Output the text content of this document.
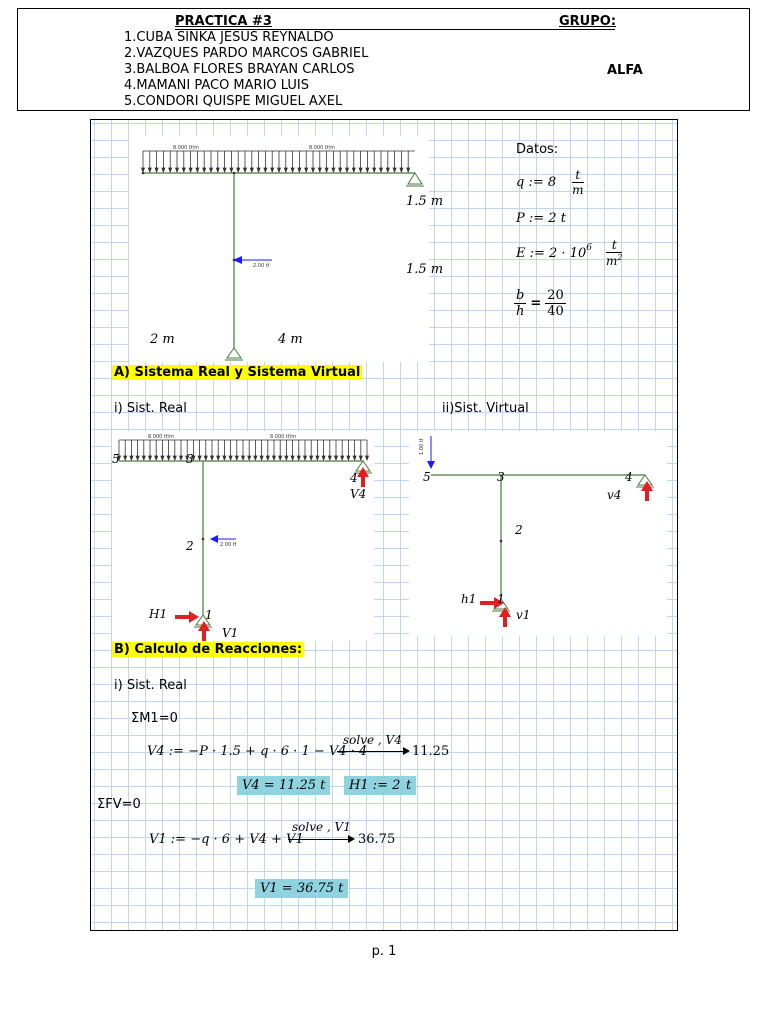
PRACTICA #3	GRUPO:
1.CUBA SINKA JESUS REYNALDO
2.VAZQUES PARDO MARCOS GABRIEL
3.BALBOA FLORES BRAYAN CARLOS
4.MAMANI PACO MARIO LUIS
5.CONDORI QUISPE MIGUEL AXEL
ALFA
8.000 tf/m	8.000 tf/m
2.00 tf
1.5 m
1.5 m
2 m	4 m
Datos:
q := $8 \frac{t}{m}$
P := 2 t
E := $2 \cdot 10^6 \frac{t}{m^2}$
$\frac{b}{h} = \frac{20}{40}$
A) Sistema Real y Sistema Virtual
i) Sist. Real	ii)Sist. Virtual
8.000 tf/m	8.000 tf/m
2.00 tf
5	3
4
V4
2
H1	1
V1
1.00 tf
5	3	4
v4
2
h1 1
v1
B) Calculo de Reacciones:
i) Sist. Real
ΣM1=0
V4 := −P · 1.5 + q · 6 · 1 − V4 · 4
solve , V4
11.25
V4 = 11.25 t	H1 := 2 t
ΣFV=0
V1 := −q · 6 + V4 + V1
solve , V1
36.75
V1 = 36.75 t
p. 1
